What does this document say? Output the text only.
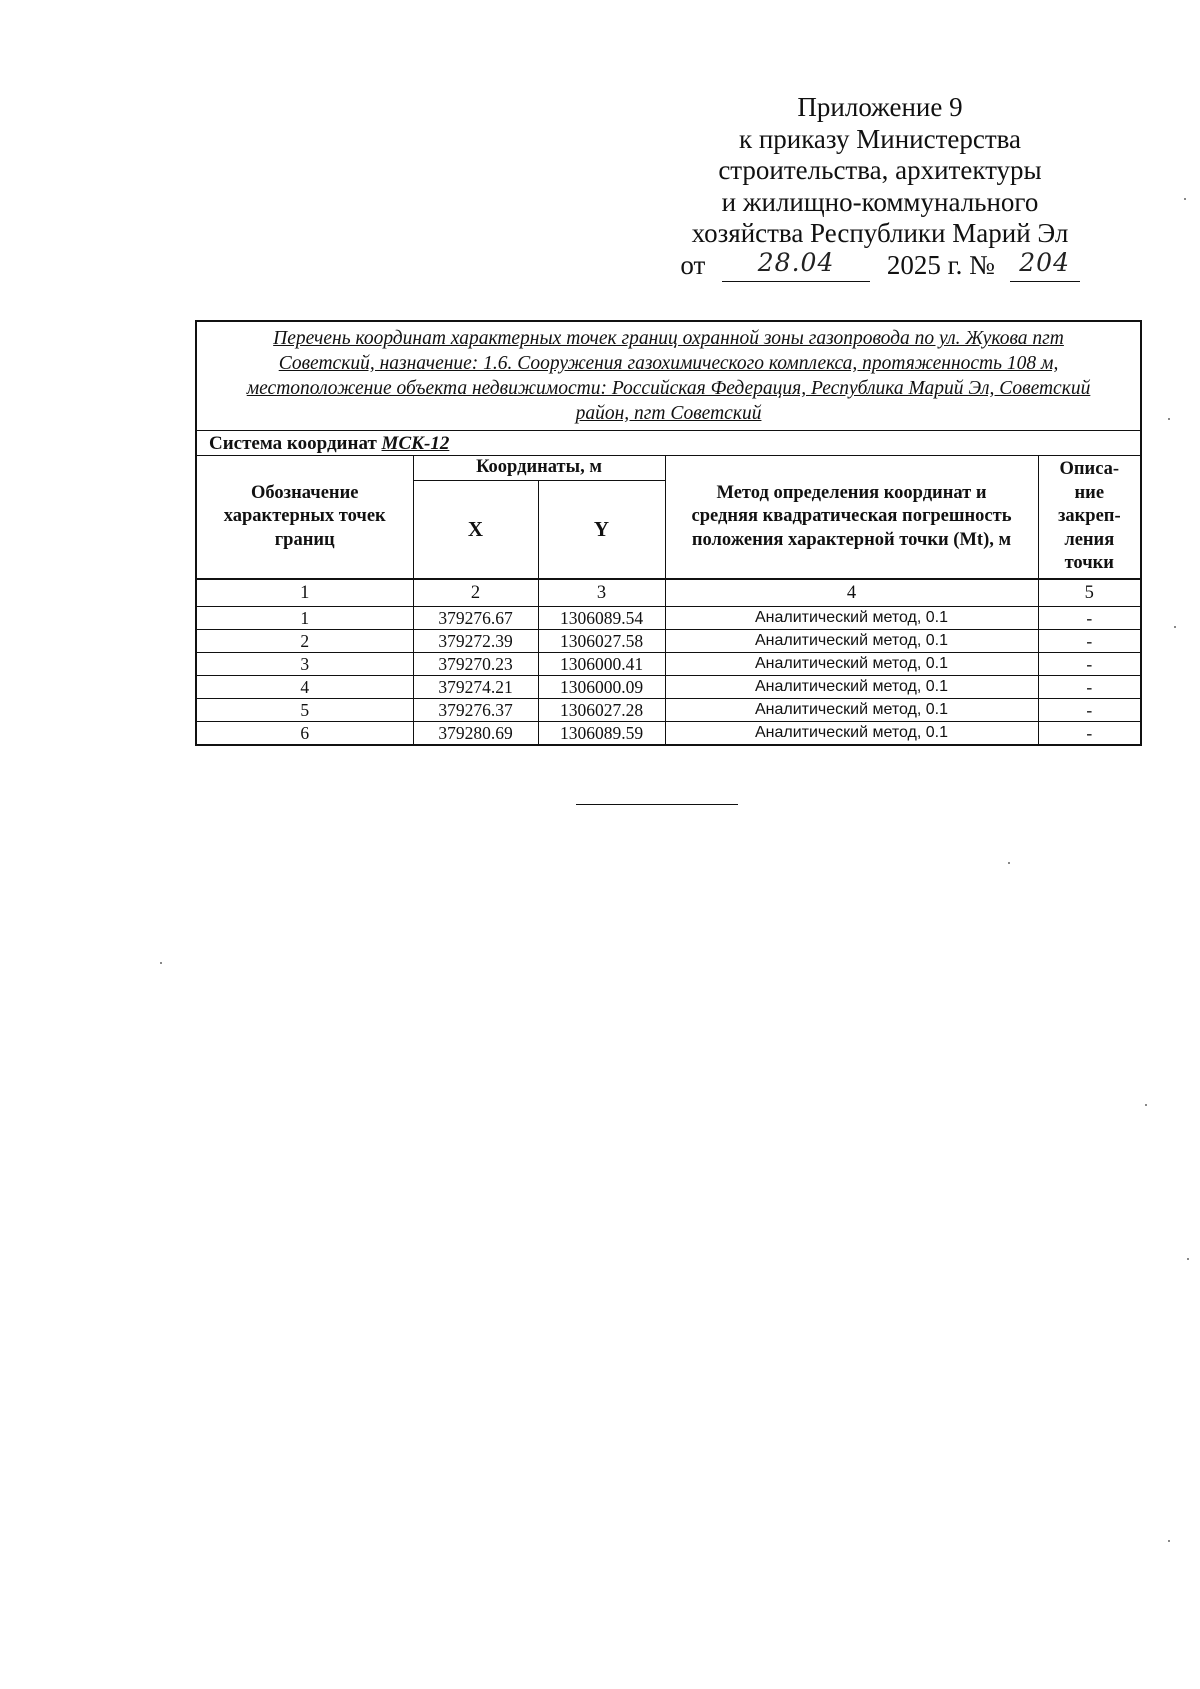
Приложение 9
к приказу Министерства
строительства, архитектуры
и жилищно-коммунального
хозяйства Республики Марий Эл
от 28.04 2025 г. № 204
Перечень координат характерных точек границ охранной зоны газопровода по ул. Жукова пгт Советский, назначение: 1.6. Сооружения газохимического комплекса, протяженность 108 м, местоположение объекта недвижимости: Российская Федерация, Республика Марий Эл, Советский район, пгт Советский				
Система координат МСК-12				
Обозначение характерных точек границ	Координаты, м		Метод определения координат и средняя квадратическая погрешность положения характерной точки (Mt), м	Описа- ние закреп- ления точки
	X	Y		
1	2	3	4	5
1	379276.67	1306089.54	Аналитический метод, 0.1	-
2	379272.39	1306027.58	Аналитический метод, 0.1	-
3	379270.23	1306000.41	Аналитический метод, 0.1	-
4	379274.21	1306000.09	Аналитический метод, 0.1	-
5	379276.37	1306027.28	Аналитический метод, 0.1	-
6	379280.69	1306089.59	Аналитический метод, 0.1	-
